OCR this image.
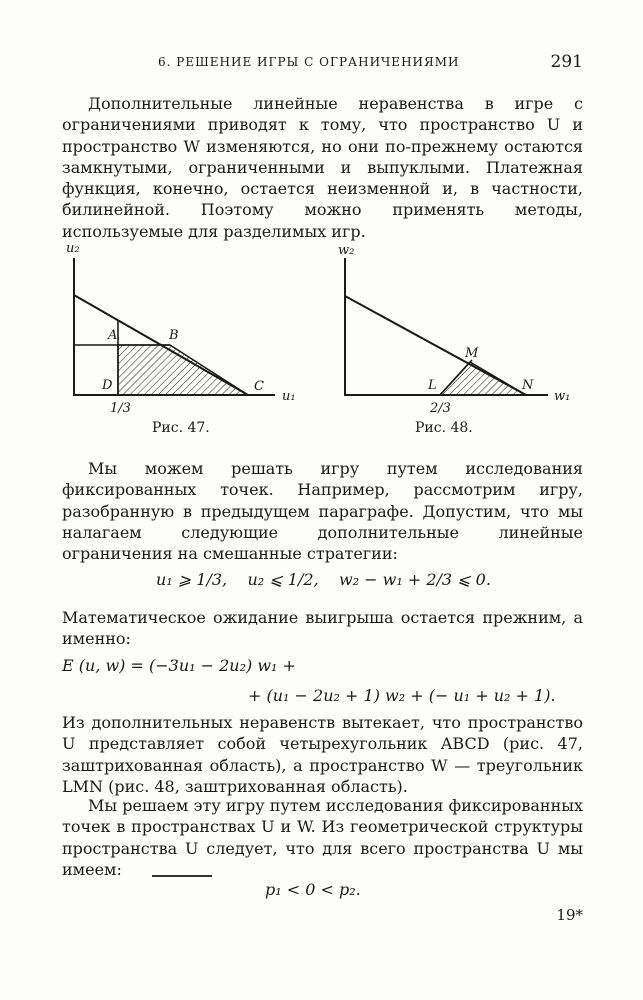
6. РЕШЕНИЕ ИГРЫ С ОГРАНИЧЕНИЯМИ	291

Дополнительные линейные неравенства в игре с ограничениями приводят к тому, что пространство U и пространство W изменяются, но они по-прежнему остаются замкнутыми, ограниченными и выпуклыми. Платежная функция, конечно, остается неизменной и, в частности, билинейной. Поэтому можно применять методы, используемые для разделимых игр.

u₂
u₁
1/3
A	B
C
D
Рис. 47.
w₂
w₁
2/3
L
M
N
Рис. 48.

Мы можем решать игру путем исследования фиксированных точек. Например, рассмотрим игру, разобранную в предыдущем параграфе. Допустим, что мы налагаем следующие дополнительные линейные ограничения на смешанные стратегии:

u₁ ⩾ 1/3, u₂ ⩽ 1/2, w₂ − w₁ + 2/3 ⩽ 0.

Математическое ожидание выигрыша остается прежним, а именно:

E (u, w) = (−3u₁ − 2u₂) w₁ +
+ (u₁ − 2u₂ + 1) w₂ + (− u₁ + u₂ + 1).

Из дополнительных неравенств вытекает, что пространство U представляет собой четырехугольник ABCD (рис. 47, заштрихованная область), а пространство W — треугольник LMN (рис. 48, заштрихованная область).

Мы решаем эту игру путем исследования фиксированных точек в пространствах U и W. Из геометрической структуры пространства U следует, что для всего пространства U мы имеем:

p₁ < 0 < p₂.
19*
